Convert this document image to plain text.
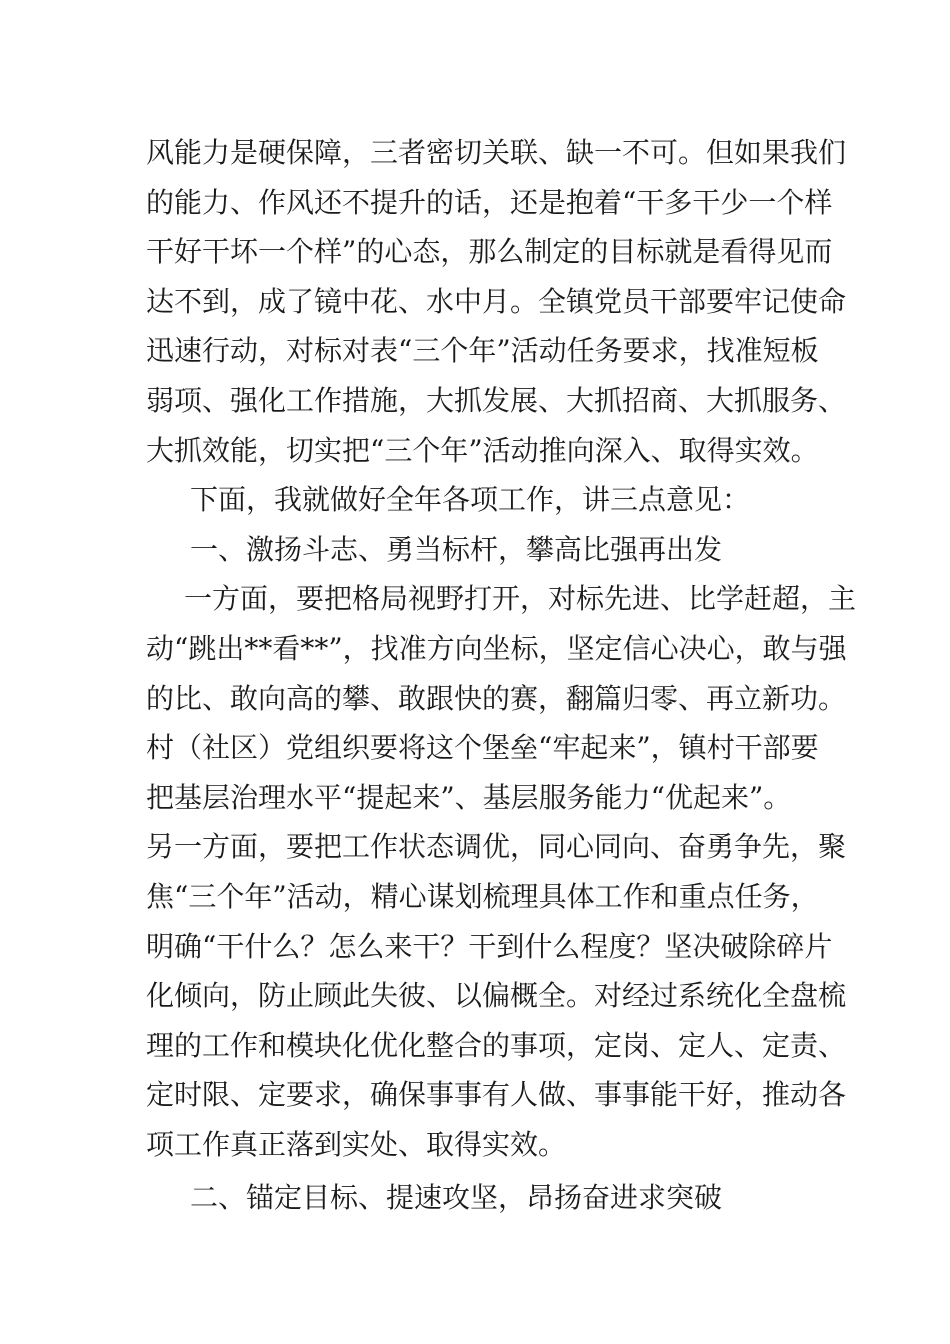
风能力是硬保障，三者密切关联、缺一不可。但如果我们
的能力、作风还不提升的话，还是抱着“干多干少一个样
干好干坏一个样”的心态，那么制定的目标就是看得见而
达不到，成了镜中花、水中月。全镇党员干部要牢记使命
迅速行动，对标对表“三个年”活动任务要求，找准短板
弱项、强化工作措施，大抓发展、大抓招商、大抓服务、
大抓效能，切实把“三个年”活动推向深入、取得实效。
下面，我就做好全年各项工作，讲三点意见：
一、激扬斗志、勇当标杆，攀高比强再出发
一方面，要把格局视野打开，对标先进、比学赶超，主
动“跳出**看**”，找准方向坐标，坚定信心决心，敢与强
的比、敢向高的攀、敢跟快的赛，翻篇归零、再立新功。
村（社区）党组织要将这个堡垒“牢起来”，镇村干部要
把基层治理水平“提起来”、基层服务能力“优起来”。
另一方面，要把工作状态调优，同心同向、奋勇争先，聚
焦“三个年”活动，精心谋划梳理具体工作和重点任务，
明确“干什么？怎么来干？干到什么程度？坚决破除碎片
化倾向，防止顾此失彼、以偏概全。对经过系统化全盘梳
理的工作和模块化优化整合的事项，定岗、定人、定责、
定时限、定要求，确保事事有人做、事事能干好，推动各
项工作真正落到实处、取得实效。
二、锚定目标、提速攻坚，昂扬奋进求突破
